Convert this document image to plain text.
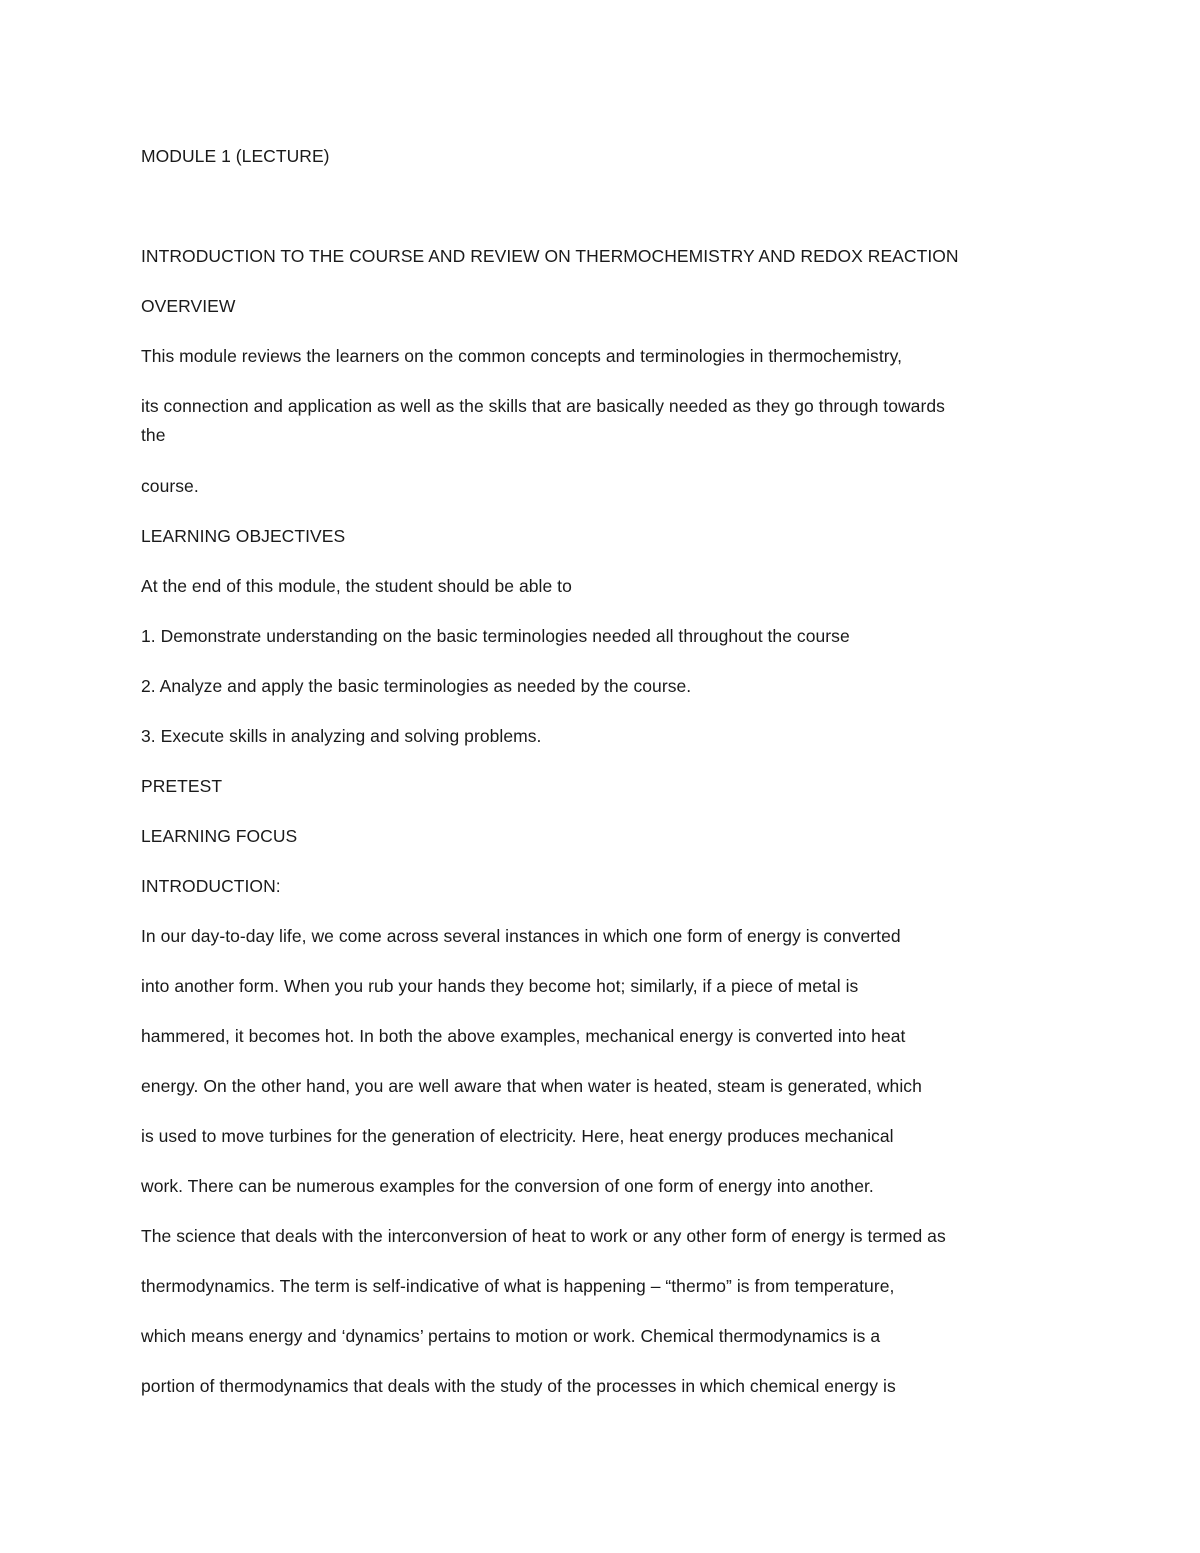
MODULE 1 (LECTURE)
INTRODUCTION TO THE COURSE AND REVIEW ON THERMOCHEMISTRY AND REDOX REACTION
OVERVIEW
This module reviews the learners on the common concepts and terminologies in thermochemistry,
its connection and application as well as the skills that are basically needed as they go through towards
the
course.
LEARNING OBJECTIVES
At the end of this module, the student should be able to
1. Demonstrate understanding on the basic terminologies needed all throughout the course
2. Analyze and apply the basic terminologies as needed by the course.
3. Execute skills in analyzing and solving problems.
PRETEST
LEARNING FOCUS
INTRODUCTION:
In our day-to-day life, we come across several instances in which one form of energy is converted
into another form. When you rub your hands they become hot; similarly, if a piece of metal is
hammered, it becomes hot. In both the above examples, mechanical energy is converted into heat
energy. On the other hand, you are well aware that when water is heated, steam is generated, which
is used to move turbines for the generation of electricity. Here, heat energy produces mechanical
work. There can be numerous examples for the conversion of one form of energy into another.
The science that deals with the interconversion of heat to work or any other form of energy is termed as
thermodynamics. The term is self-indicative of what is happening – “thermo” is from temperature,
which means energy and ‘dynamics’ pertains to motion or work. Chemical thermodynamics is a
portion of thermodynamics that deals with the study of the processes in which chemical energy is
